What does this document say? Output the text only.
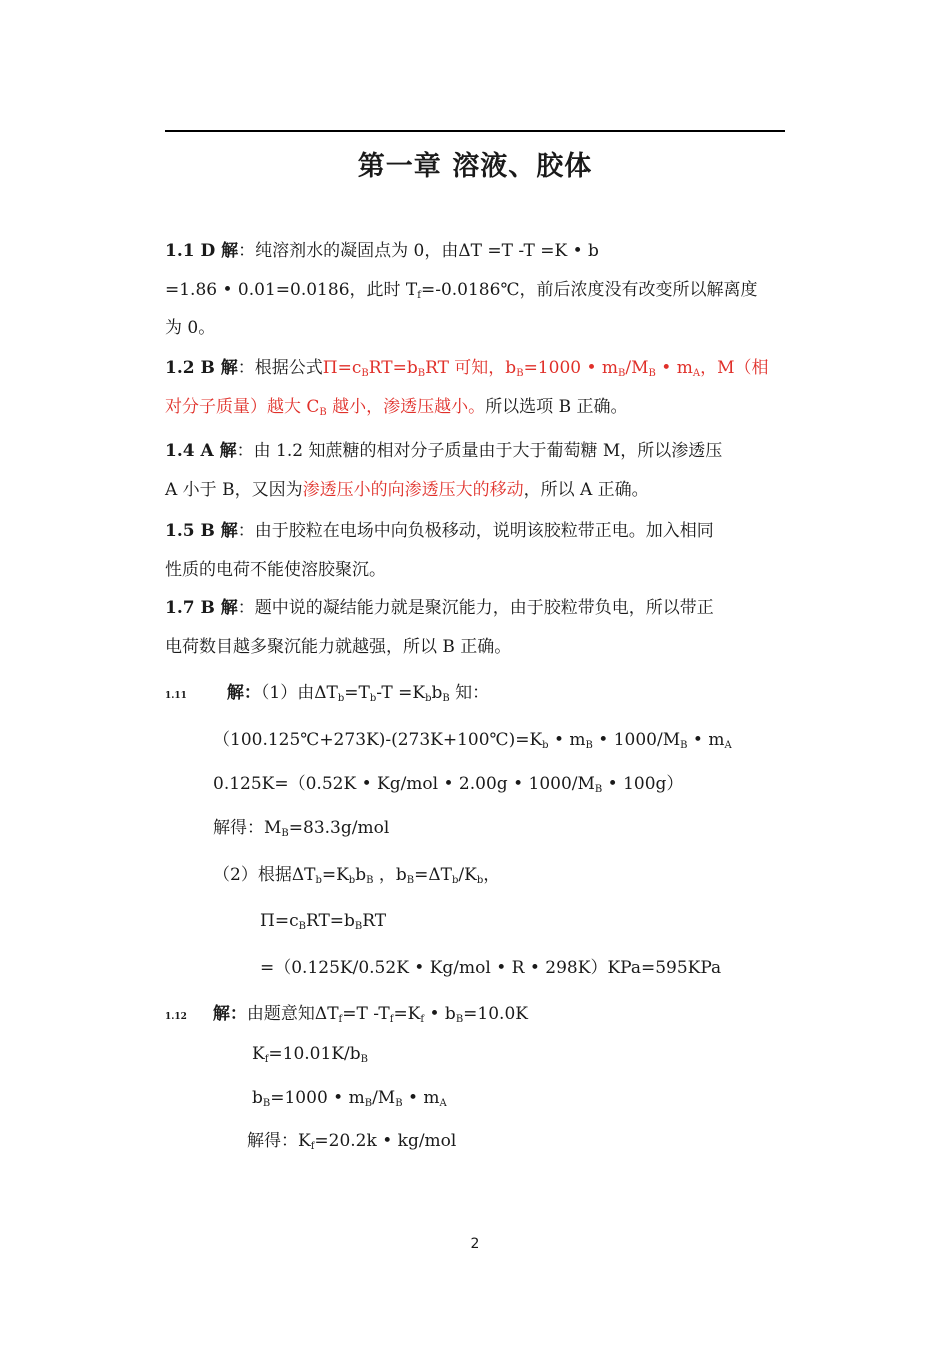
第一章 溶液、胶体
1.1 D 解：纯溶剂水的凝固点为 0，由ΔT =T -T =K • b
=1.86 • 0.01=0.0186，此时 $T_f=-0.0186℃$，前后浓度没有改变所以解离度
为 0。
1.2 B 解：根据公式$\Pi=c_BRT=b_BRT$ 可知，$b_B=1000$ • $m_B/M_B$ • $m_A$，M（相
对分子质量）越大 $C_B$ 越小，渗透压越小。所以选项 B 正确。
1.4 A 解：由 1.2 知蔗糖的相对分子质量由于大于葡萄糖 M，所以渗透压
A 小于 B，又因为渗透压小的向渗透压大的移动，所以 A 正确。
1.5 B 解：由于胶粒在电场中向负极移动，说明该胶粒带正电。加入相同
性质的电荷不能使溶胶聚沉。
1.7 B 解：题中说的凝结能力就是聚沉能力，由于胶粒带负电，所以带正
电荷数目越多聚沉能力就越强，所以 B 正确。
1.11 解：（1）由$\Delta T_b=T_b-T =K_bb_B$ 知：
$(100.125℃+273K)-(273K+100℃)=K_b$ • $m_B$ • $1000/M_B$ • $m_A$
0.125K=（0.52K • Kg/mol • 2.00g • $1000/M_B$ • 100g）
解得：$M_B=83.3g$/mol
（2）根据$\Delta T_b=K_bb_B$ ，$b_B=\Delta T_b/K_b$，
$\Pi=c_BRT=b_BRT$
=（0.125K/0.52K • Kg/mol • R • 298K）KPa=595KPa
1.12 解：由题意知$\Delta T_f=T$ $-T_f=K_f$ • $b_B=10.0K$
$K_f=10.01K/b_B$
$b_B=1000$ • $m_B/M_B$ • $m_A$
解得：$K_f=20.2k$ • kg/mol
2
